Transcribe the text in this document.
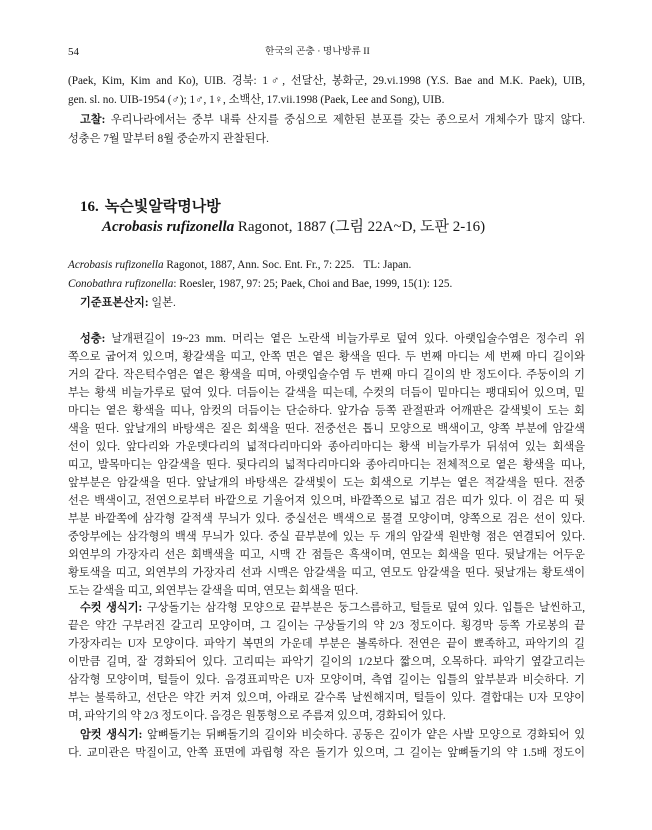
54	한국의 곤충 · 명나방류 II
(Paek, Kim, Kim and Ko), UIB. 경북: 1♂, 선달산, 봉화군, 29.vi.1998 (Y.S. Bae and M.K. Paek), UIB,
gen. sl. no. UIB-1954 (♂); 1♂, 1♀, 소백산, 17.vii.1998 (Paek, Lee and Song), UIB.
고찰: 우리나라에서는 중부 내륙 산지를 중심으로 제한된 분포를 갖는 종으로서 개체수가 많지 않다.
성충은 7월 말부터 8월 중순까지 관찰된다.
16. 녹슨빛알락명나방
Acrobasis rufizonella Ragonot, 1887 (그림 22A~D, 도판 2-16)
Acrobasis rufizonella Ragonot, 1887, Ann. Soc. Ent. Fr., 7: 225. TL: Japan.
Conobathra rufizonella: Roesler, 1987, 97: 25; Paek, Choi and Bae, 1999, 15(1): 125.
기준표본산지: 일본.
성충: 날개편길이 19~23 mm. 머리는 옅은 노란색 비늘가루로 덮여 있다. 아랫입술수염은 정수리 위
쪽으로 굽어져 있으며, 황갈색을 띠고, 안쪽 면은 옅은 황색을 띤다. 두 번째 마디는 세 번째 마디 길이와
거의 같다. 작은턱수염은 옅은 황색을 띠며, 아랫입술수염 두 번째 마디 길이의 반 정도이다. 주둥이의 기
부는 황색 비늘가루로 덮여 있다. 더듬이는 갈색을 띠는데, 수컷의 더듬이 밑마디는 팽대되어 있으며, 밑
마디는 옅은 황색을 띠나, 암컷의 더듬이는 단순하다. 앞가슴 등쪽 관절판과 어깨판은 갈색빛이 도는 회
색을 띤다. 앞날개의 바탕색은 짙은 회색을 띤다. 전중선은 톱니 모양으로 백색이고, 양쪽 부분에 암갈색
선이 있다. 앞다리와 가운뎃다리의 넓적다리마디와 종아리마디는 황색 비늘가루가 뒤섞여 있는 회색을
띠고, 발목마디는 암갈색을 띤다. 뒷다리의 넓적다리마디와 종아리마디는 전체적으로 옅은 황색을 띠나,
앞부분은 암갈색을 띤다. 앞날개의 바탕색은 갈색빛이 도는 회색으로 기부는 옅은 적갈색을 띤다. 전중
선은 백색이고, 전연으로부터 바깥으로 기울어져 있으며, 바깥쪽으로 넓고 검은 띠가 있다. 이 검은 띠 뒷
부분 바깥쪽에 삼각형 갈적색 무늬가 있다. 중실선은 백색으로 물결 모양이며, 양쪽으로 검은 선이 있다.
중앙부에는 삼각형의 백색 무늬가 있다. 중실 끝부분에 있는 두 개의 암갈색 원반형 점은 연결되어 있다.
외연부의 가장자리 선은 회백색을 띠고, 시맥 간 점들은 흑색이며, 연모는 회색을 띤다. 뒷날개는 어두운
황토색을 띠고, 외연부의 가장자리 선과 시맥은 암갈색을 띠고, 연모도 암갈색을 띤다. 뒷날개는 황토색이
도는 갈색을 띠고, 외연부는 갈색을 띠며, 연모는 회색을 띤다.
수컷 생식기: 구상돌기는 삼각형 모양으로 끝부분은 둥그스름하고, 털들로 덮여 있다. 입틀은 날씬하고,
끝은 약간 구부러진 갈고리 모양이며, 그 길이는 구상돌기의 약 2/3 정도이다. 횡경막 등쪽 가로봉의 끝
가장자리는 U자 모양이다. 파악기 복면의 가운데 부분은 볼록하다. 전연은 끝이 뾰족하고, 파악기의 길
이만큼 길며, 잘 경화되어 있다. 고리띠는 파악기 길이의 1/2보다 짧으며, 오목하다. 파악기 옆갈고리는
삼각형 모양이며, 털들이 있다. 음경표피막은 U자 모양이며, 측엽 길이는 입틀의 앞부분과 비슷하다. 기
부는 불룩하고, 선단은 약간 커져 있으며, 아래로 갈수록 날씬해지며, 털들이 있다. 결합대는 U자 모양이
며, 파악기의 약 2/3 정도이다. 음경은 원통형으로 주름져 있으며, 경화되어 있다.
암컷 생식기: 앞뼈돌기는 뒤뼈돌기의 길이와 비슷하다. 공동은 깊이가 얕은 사발 모양으로 경화되어 있
다. 교미관은 막질이고, 안쪽 표면에 과립형 작은 돌기가 있으며, 그 길이는 앞뼈돌기의 약 1.5배 정도이
